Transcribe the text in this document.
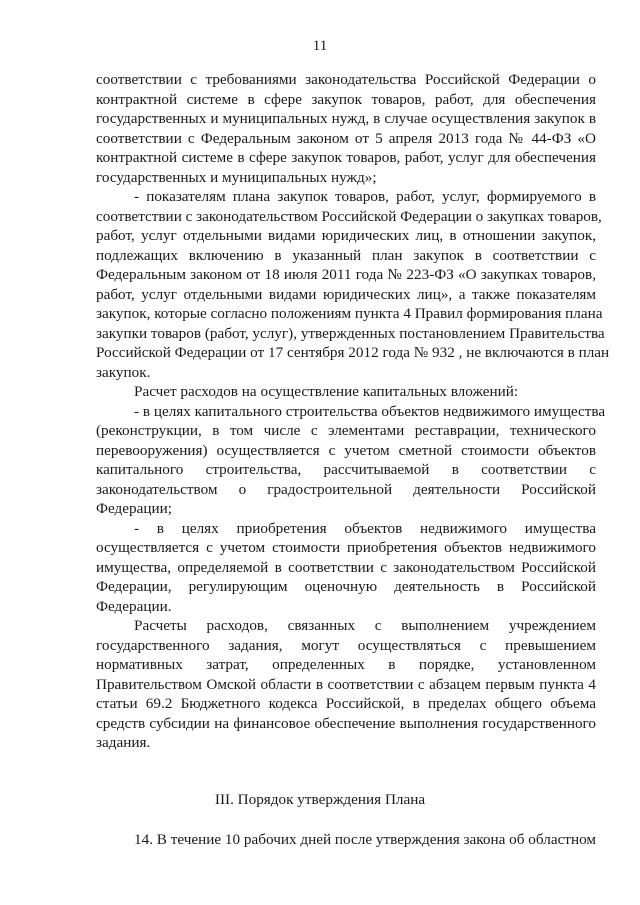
11
соответствии с требованиями законодательства Российской Федерации о
контрактной системе в сфере закупок товаров, работ, для обеспечения
государственных и муниципальных нужд, в случае осуществления закупок в
соответствии с Федеральным законом от 5 апреля 2013 года № 44-ФЗ «О
контрактной системе в сфере закупок товаров, работ, услуг для обеспечения
государственных и муниципальных нужд»;
- показателям плана закупок товаров, работ, услуг, формируемого в
соответствии с законодательством Российской Федерации о закупках товаров,
работ, услуг отдельными видами юридических лиц, в отношении закупок,
подлежащих включению в указанный план закупок в соответствии с
Федеральным законом от 18 июля 2011 года № 223-ФЗ «О закупках товаров,
работ, услуг отдельными видами юридических лиц», а также показателям
закупок, которые согласно положениям пункта 4 Правил формирования плана
закупки товаров (работ, услуг), утвержденных постановлением Правительства
Российской Федерации от 17 сентября 2012 года № 932 , не включаются в план
закупок.
Расчет расходов на осуществление капитальных вложений:
- в целях капитального строительства объектов недвижимого имущества
(реконструкции, в том числе с элементами реставрации, технического
перевооружения) осуществляется с учетом сметной стоимости объектов
капитального строительства, рассчитываемой в соответствии с
законодательством о градостроительной деятельности Российской
Федерации;
- в целях приобретения объектов недвижимого имущества
осуществляется с учетом стоимости приобретения объектов недвижимого
имущества, определяемой в соответствии с законодательством Российской
Федерации, регулирующим оценочную деятельность в Российской
Федерации.
Расчеты расходов, связанных с выполнением учреждением
государственного задания, могут осуществляться с превышением
нормативных затрат, определенных в порядке, установленном
Правительством Омской области в соответствии с абзацем первым пункта 4
статьи 69.2 Бюджетного кодекса Российской, в пределах общего объема
средств субсидии на финансовое обеспечение выполнения государственного
задания.
III. Порядок утверждения Плана
14. В течение 10 рабочих дней после утверждения закона об областном
